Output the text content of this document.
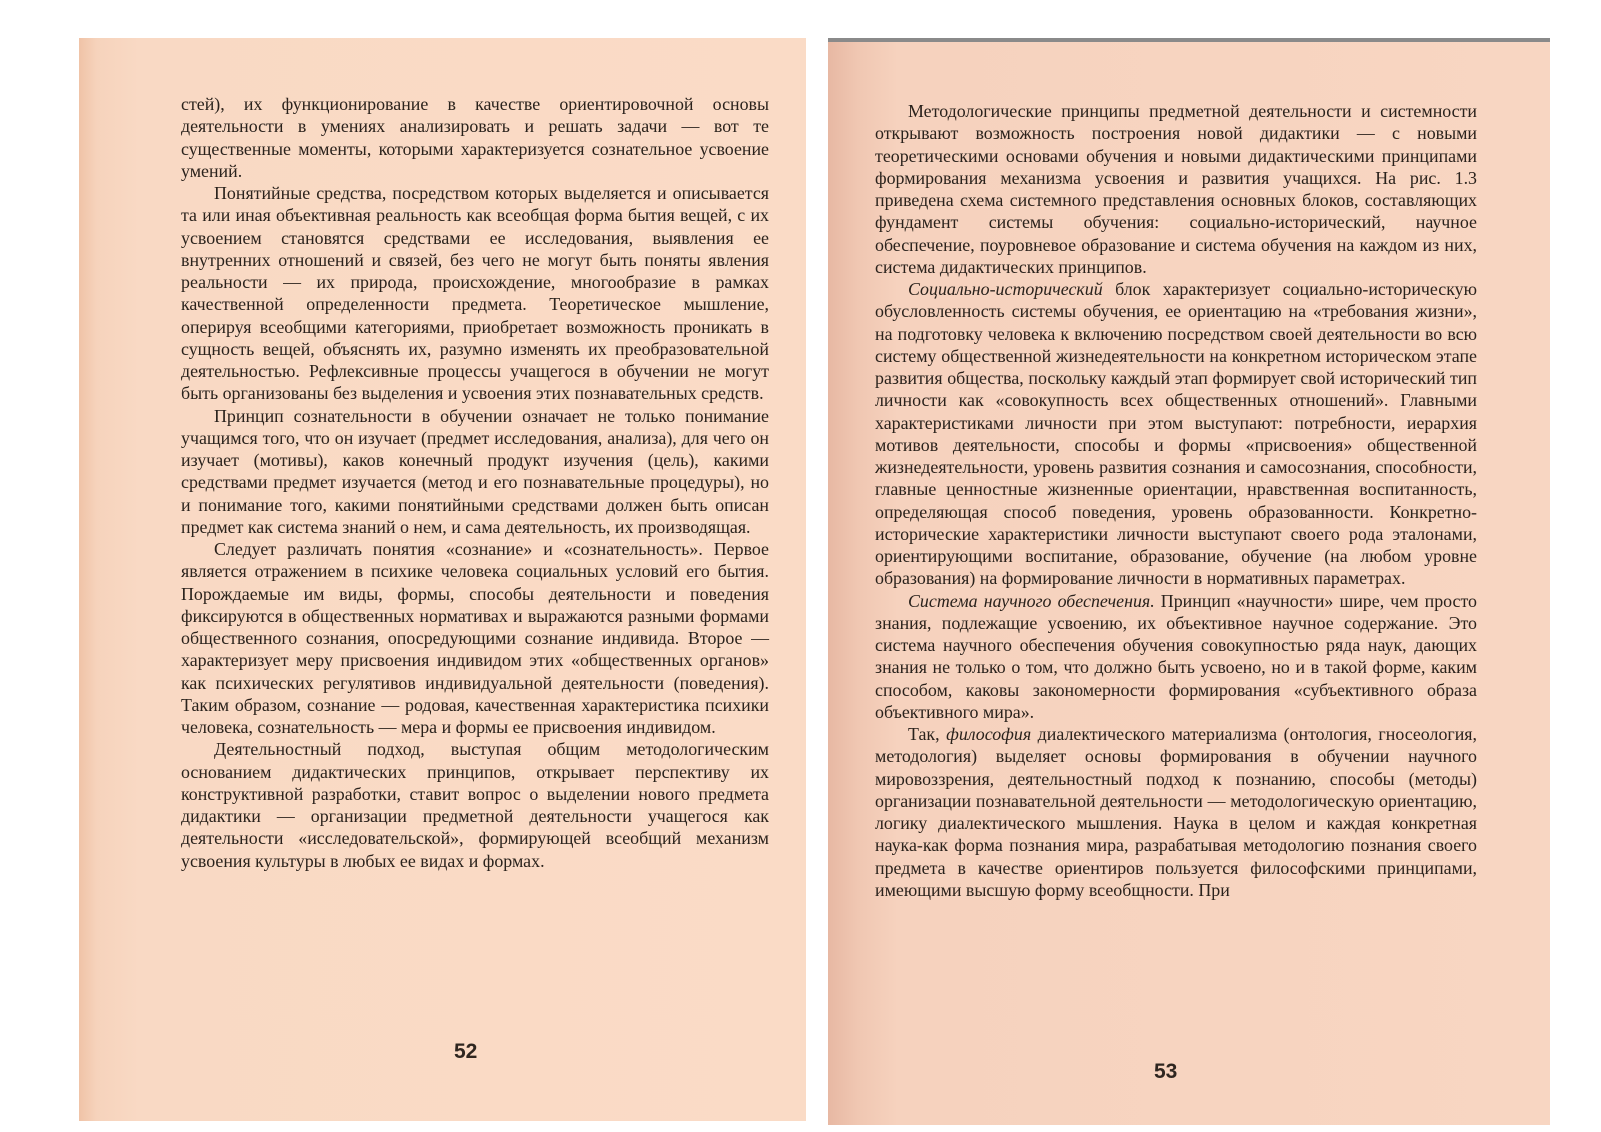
стей), их функционирование в качестве ориентировочной основы деятельности в умениях анализировать и решать задачи — вот те существенные моменты, которыми характеризуется сознательное усвоение умений.

Понятийные средства, посредством которых выделяется и описывается та или иная объективная реальность как всеобщая форма бытия вещей, с их усвоением становятся средствами ее исследования, выявления ее внутренних отношений и связей, без чего не могут быть поняты явления реальности — их природа, происхождение, многообразие в рамках качественной определенности предмета. Теоретическое мышление, оперируя всеобщими категориями, приобретает возможность проникать в сущность вещей, объяснять их, разумно изменять их преобразовательной деятельностью. Рефлексивные процессы учащегося в обучении не могут быть организованы без выделения и усвоения этих познавательных средств.

Принцип сознательности в обучении означает не только понимание учащимся того, что он изучает (предмет исследования, анализа), для чего он изучает (мотивы), каков конечный продукт изучения (цель), какими средствами предмет изучается (метод и его познавательные процедуры), но и понимание того, какими понятийными средствами должен быть описан предмет как система знаний о нем, и сама деятельность, их производящая.

Следует различать понятия «сознание» и «сознательность». Первое является отражением в психике человека социальных условий его бытия. Порождаемые им виды, формы, способы деятельности и поведения фиксируются в общественных нормативах и выражаются разными формами общественного сознания, опосредующими сознание индивида. Второе — характеризует меру присвоения индивидом этих «общественных органов» как психических регулятивов индивидуальной деятельности (поведения). Таким образом, сознание — родовая, качественная характеристика психики человека, сознательность — мера и формы ее присвоения индивидом.

Деятельностный подход, выступая общим методологическим основанием дидактических принципов, открывает перспективу их конструктивной разработки, ставит вопрос о выделении нового предмета дидактики — организации предметной деятельности учащегося как деятельности «исследовательской», формирующей всеобщий механизм усвоения культуры в любых ее видах и формах.

52

Методологические принципы предметной деятельности и системности открывают возможность построения новой дидактики — с новыми теоретическими основами обучения и новыми дидактическими принципами формирования механизма усвоения и развития учащихся. На рис. 1.3 приведена схема системного представления основных блоков, составляющих фундамент системы обучения: социально-исторический, научное обеспечение, поуровневое образование и система обучения на каждом из них, система дидактических принципов.

Социально-исторический блок характеризует социально-историческую обусловленность системы обучения, ее ориентацию на «требования жизни», на подготовку человека к включению посредством своей деятельности во всю систему общественной жизнедеятельности на конкретном историческом этапе развития общества, поскольку каждый этап формирует свой исторический тип личности как «совокупность всех общественных отношений». Главными характеристиками личности при этом выступают: потребности, иерархия мотивов деятельности, способы и формы «присвоения» общественной жизнедеятельности, уровень развития сознания и самосознания, способности, главные ценностные жизненные ориентации, нравственная воспитанность, определяющая способ поведения, уровень образованности. Конкретно-исторические характеристики личности выступают своего рода эталонами, ориентирующими воспитание, образование, обучение (на любом уровне образования) на формирование личности в нормативных параметрах.

Система научного обеспечения. Принцип «научности» шире, чем просто знания, подлежащие усвоению, их объективное научное содержание. Это система научного обеспечения обучения совокупностью ряда наук, дающих знания не только о том, что должно быть усвоено, но и в такой форме, каким способом, каковы закономерности формирования «субъективного образа объективного мира».

Так, философия диалектического материализма (онтология, гносеология, методология) выделяет основы формирования в обучении научного мировоззрения, деятельностный подход к познанию, способы (методы) организации познавательной деятельности — методологическую ориентацию, логику диалектического мышления. Наука в целом и каждая конкретная наука-как форма познания мира, разрабатывая методологию познания своего предмета в качестве ориентиров пользуется философскими принципами, имеющими высшую форму всеобщности. При

53
